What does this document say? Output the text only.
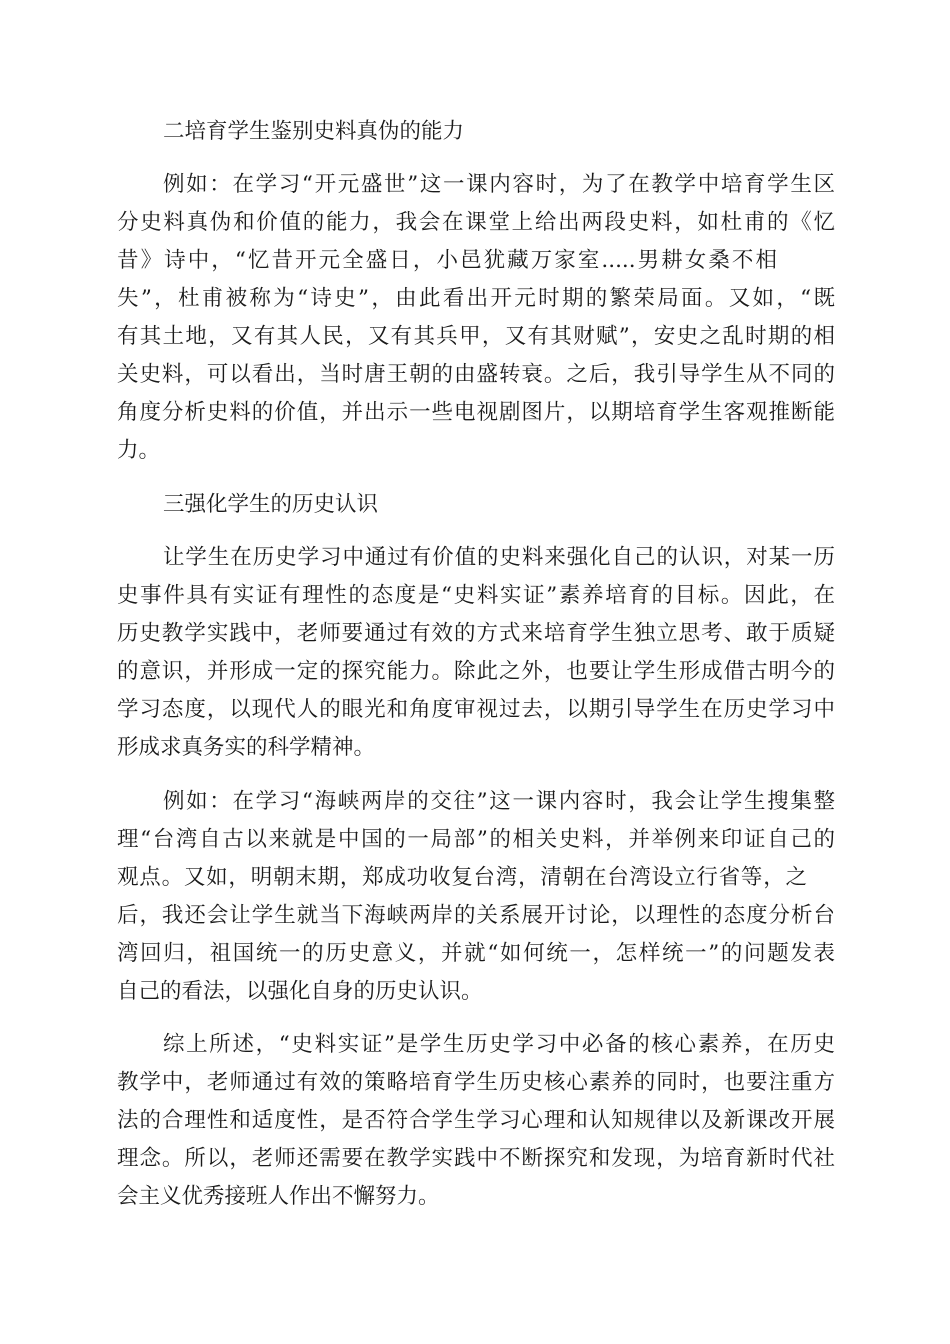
二培育学生鉴别史料真伪的能力
例如：在学习“开元盛世”这一课内容时，为了在教学中培育学生区
分史料真伪和价值的能力，我会在课堂上给出两段史料，如杜甫的《忆
昔》诗中，“忆昔开元全盛日，小邑犹藏万家室.....男耕女桑不相
失”，杜甫被称为“诗史”，由此看出开元时期的繁荣局面。又如，“既
有其土地，又有其人民，又有其兵甲，又有其财赋”，安史之乱时期的相
关史料，可以看出，当时唐王朝的由盛转衰。之后，我引导学生从不同的
角度分析史料的价值，并出示一些电视剧图片，以期培育学生客观推断能
力。
三强化学生的历史认识
让学生在历史学习中通过有价值的史料来强化自己的认识，对某一历
史事件具有实证有理性的态度是“史料实证”素养培育的目标。因此，在
历史教学实践中，老师要通过有效的方式来培育学生独立思考、敢于质疑
的意识，并形成一定的探究能力。除此之外，也要让学生形成借古明今的
学习态度，以现代人的眼光和角度审视过去，以期引导学生在历史学习中
形成求真务实的科学精神。
例如：在学习“海峡两岸的交往”这一课内容时，我会让学生搜集整
理“台湾自古以来就是中国的一局部”的相关史料，并举例来印证自己的
观点。又如，明朝末期，郑成功收复台湾，清朝在台湾设立行省等，之
后，我还会让学生就当下海峡两岸的关系展开讨论，以理性的态度分析台
湾回归，祖国统一的历史意义，并就“如何统一，怎样统一”的问题发表
自己的看法，以强化自身的历史认识。
综上所述，“史料实证”是学生历史学习中必备的核心素养，在历史
教学中，老师通过有效的策略培育学生历史核心素养的同时，也要注重方
法的合理性和适度性，是否符合学生学习心理和认知规律以及新课改开展
理念。所以，老师还需要在教学实践中不断探究和发现，为培育新时代社
会主义优秀接班人作出不懈努力。
